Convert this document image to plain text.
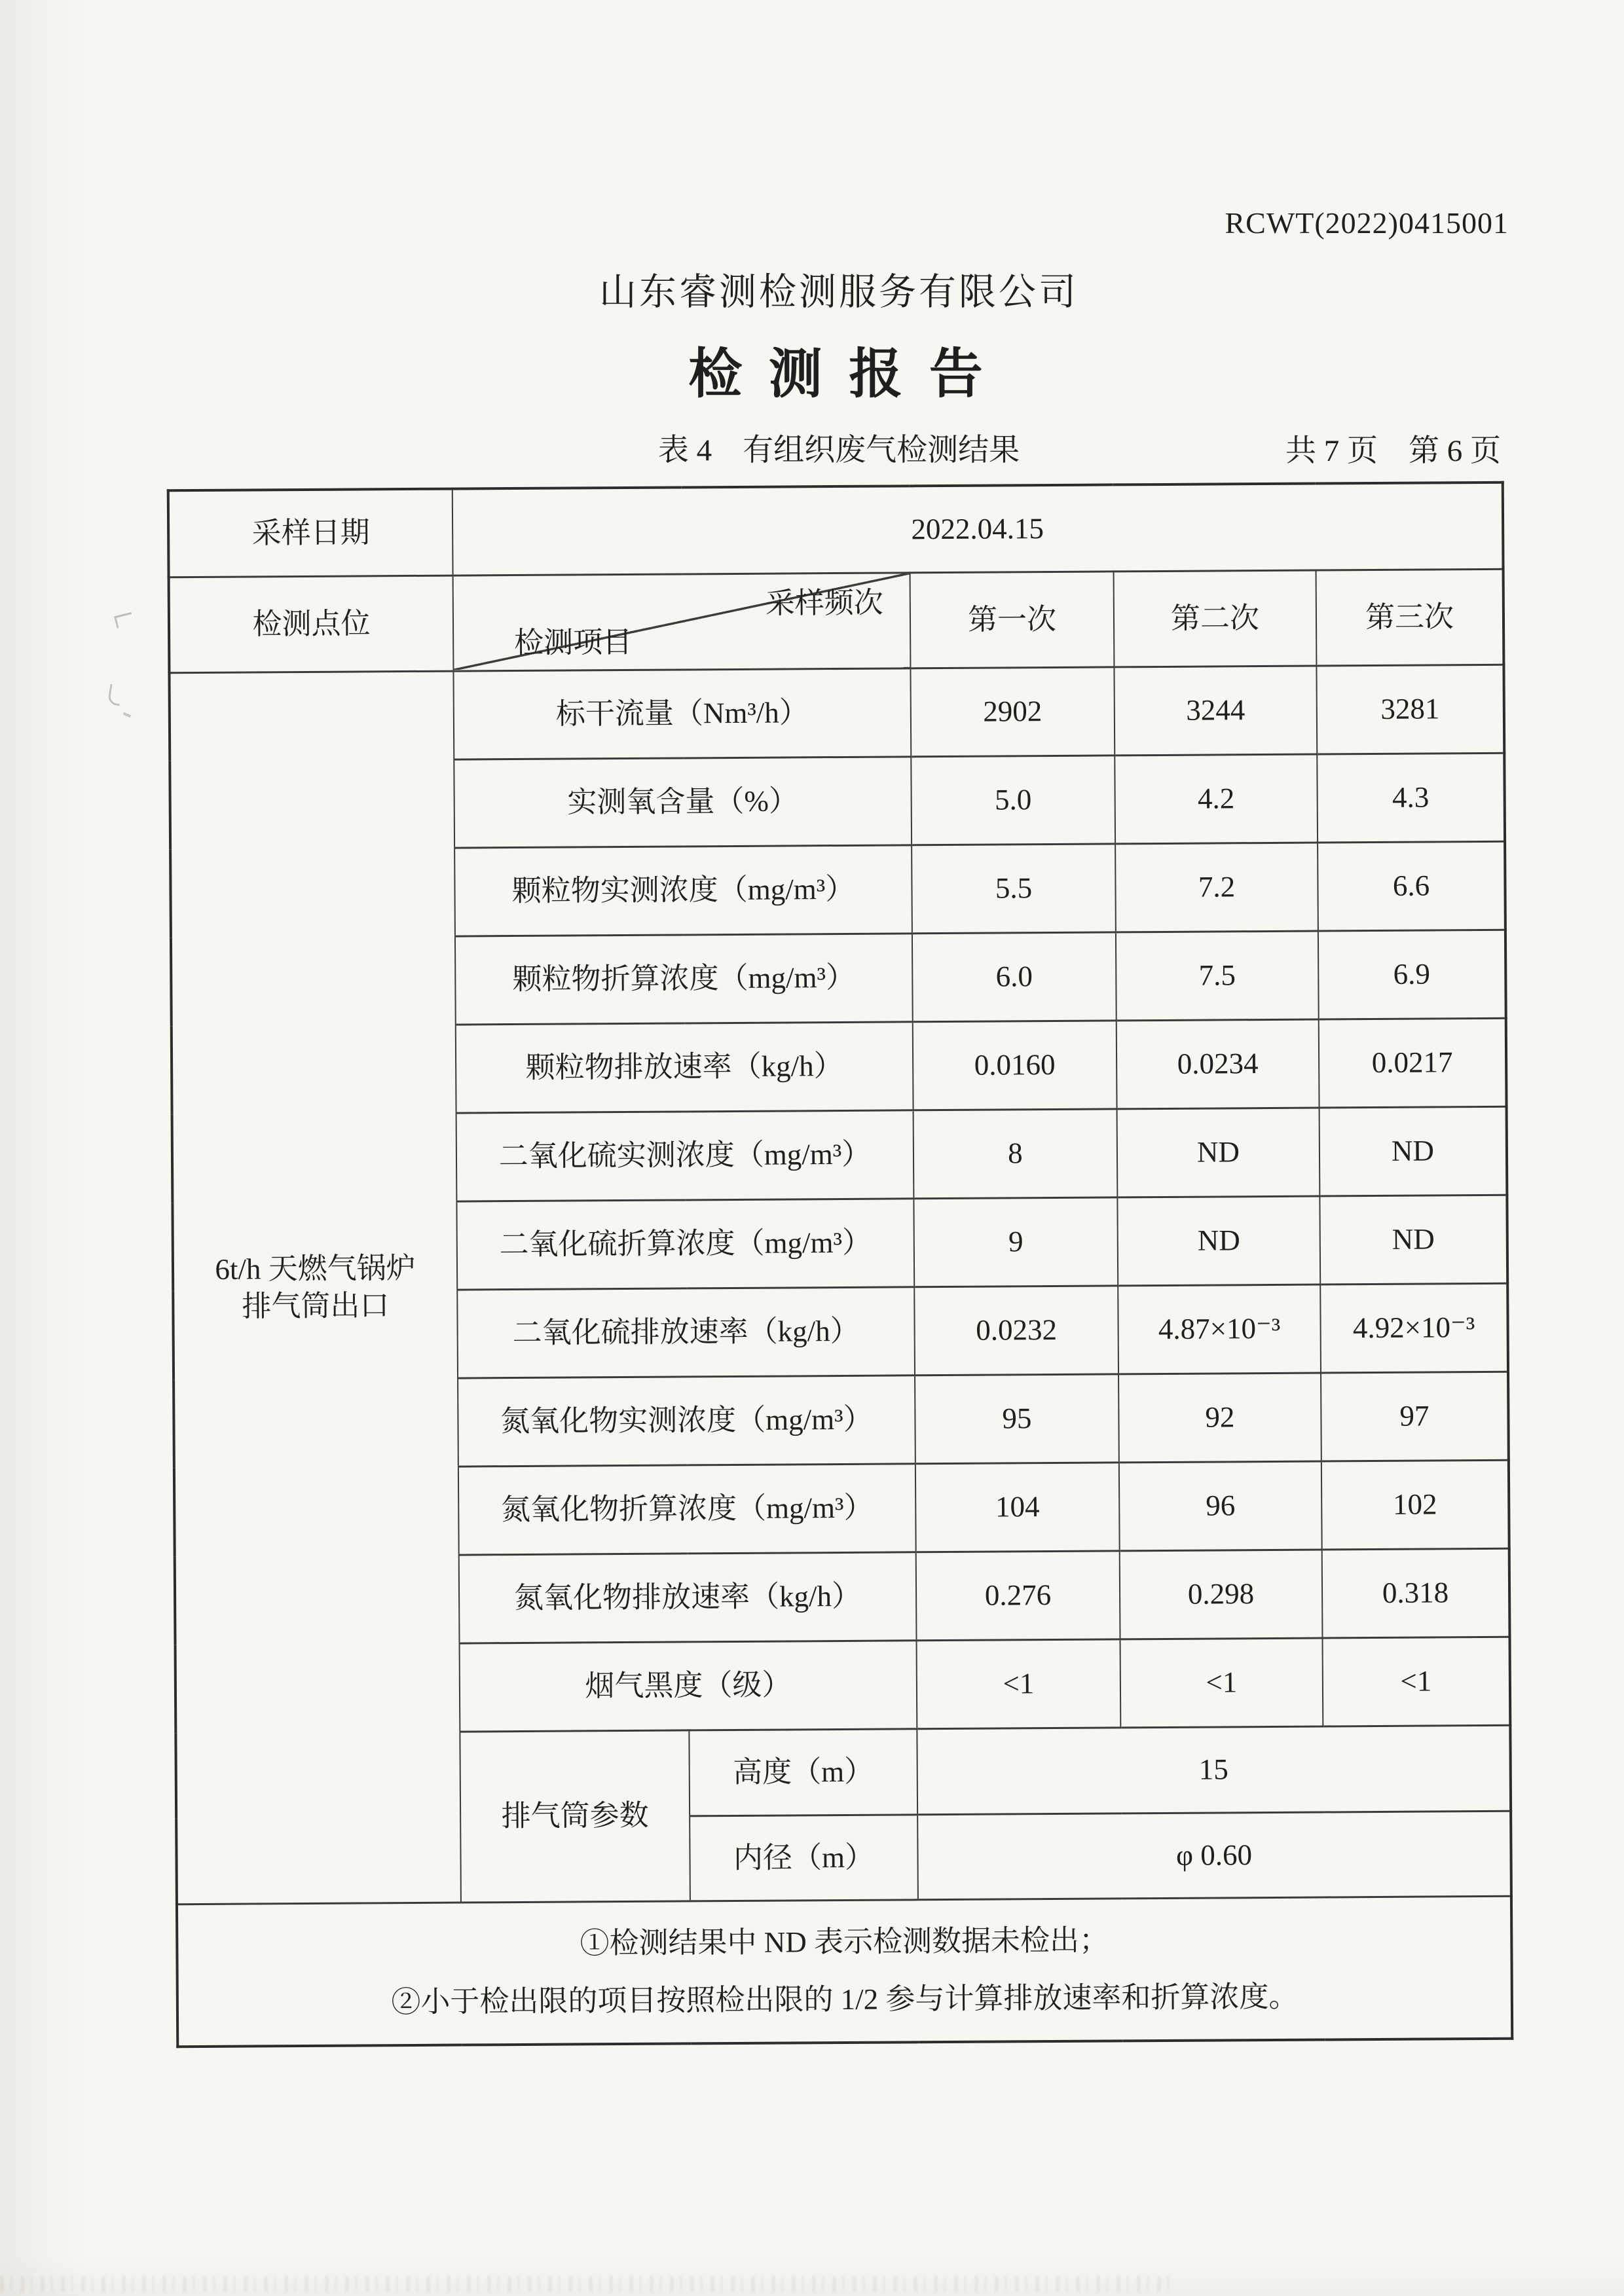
RCWT(2022)0415001
山东睿测检测服务有限公司
检 测 报 告
表 4　有组织废气检测结果	共 7 页　第 6 页
采样日期	2022.04.15				
检测点位	采样频次
检测项目		第一次	第二次	第三次

6t/h 天燃气锅炉
排气筒出口	标干流量（Nm³/h）		2902	3244	3281
	实测氧含量（%）		5.0	4.2	4.3
	颗粒物实测浓度（mg/m³）		5.5	7.2	6.6
	颗粒物折算浓度（mg/m³）		6.0	7.5	6.9
	颗粒物排放速率（kg/h）		0.0160	0.0234	0.0217
	二氧化硫实测浓度（mg/m³）		8	ND	ND
	二氧化硫折算浓度（mg/m³）		9	ND	ND
	二氧化硫排放速率（kg/h）		0.0232	4.87×10⁻³	4.92×10⁻³
	氮氧化物实测浓度（mg/m³）		95	92	97
	氮氧化物折算浓度（mg/m³）		104	96	102
	氮氧化物排放速率（kg/h）		0.276	0.298	0.318
	烟气黑度（级）		<1	<1	<1
	排气筒参数	高度（m）	15		
		内径（m）	φ 0.60		

①检测结果中 ND 表示检测数据未检出；
②小于检出限的项目按照检出限的 1/2 参与计算排放速率和折算浓度。					
